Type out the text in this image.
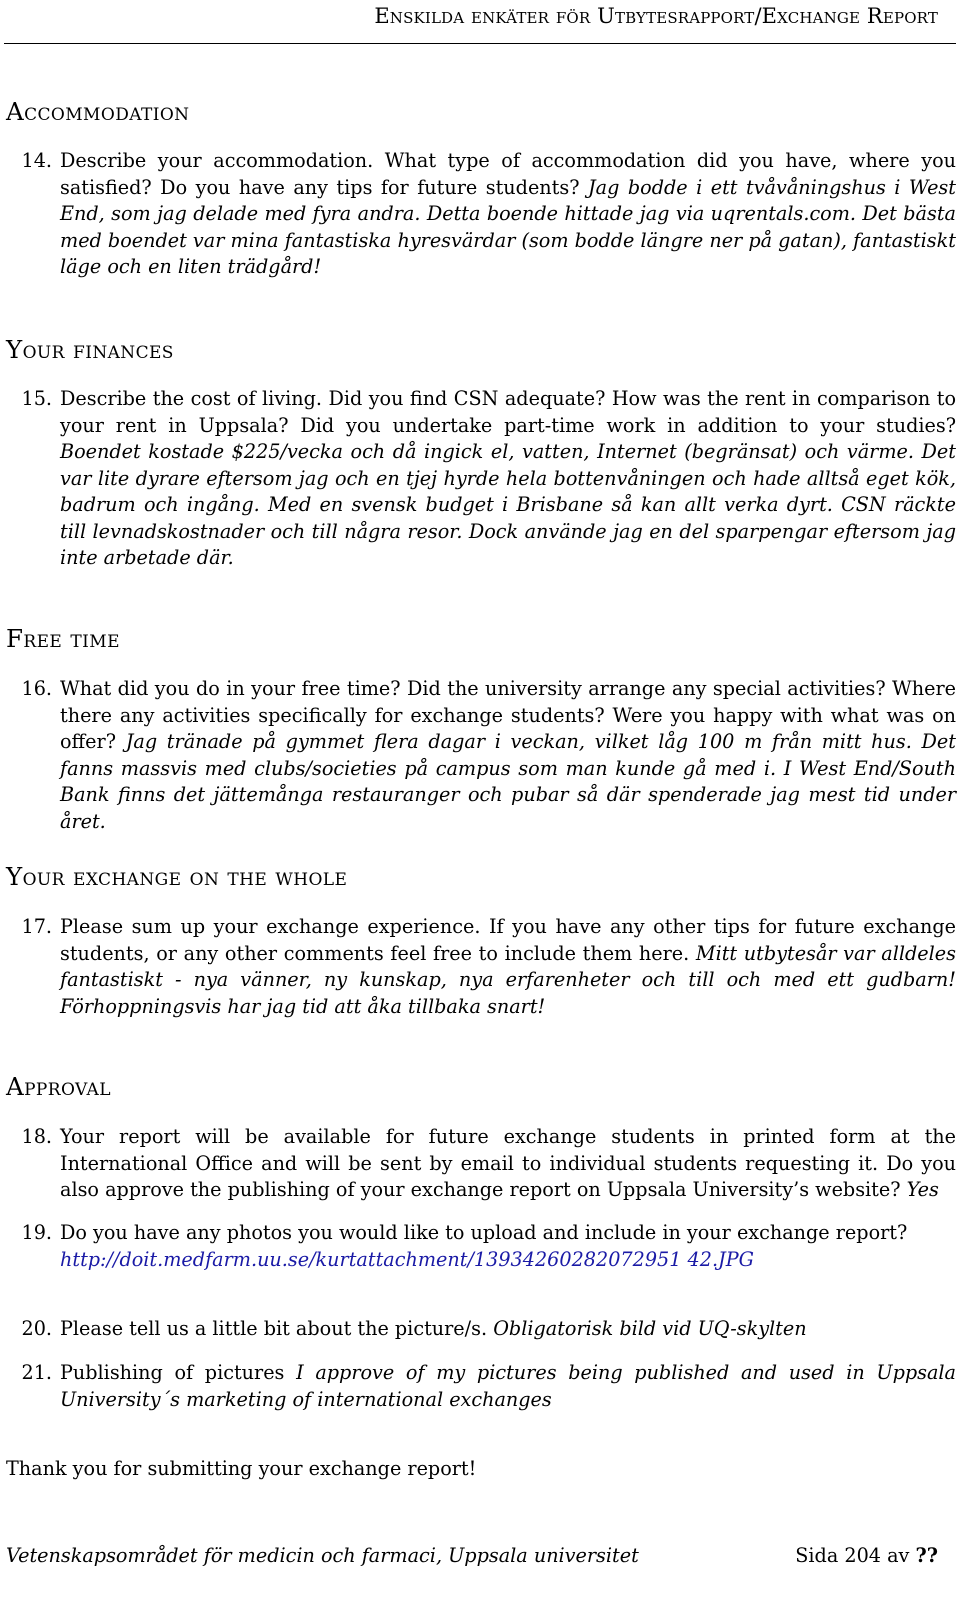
Enskilda enkäter för Utbytesrapport/Exchange Report
Accommodation
14. Describe your accommodation. What type of accommodation did you have, where you satisfied? Do you have any tips for future students? Jag bodde i ett tvåvåningshus i West End, som jag delade med fyra andra. Detta boende hittade jag via uqrentals.com. Det bästa med boendet var mina fantastiska hyresvärdar (som bodde längre ner på gatan), fantastiskt läge och en liten trädgård!
Your finances
15. Describe the cost of living. Did you find CSN adequate? How was the rent in comparison to your rent in Uppsala? Did you undertake part-time work in addition to your studies? Boendet kostade $225/vecka och då ingick el, vatten, Internet (begränsat) och värme. Det var lite dyrare eftersom jag och en tjej hyrde hela bottenvåningen och hade alltså eget kök, badrum och ingång. Med en svensk budget i Brisbane så kan allt verka dyrt. CSN räckte till levnadskostnader och till några resor. Dock använde jag en del sparpengar eftersom jag inte arbetade där.
Free time
16. What did you do in your free time? Did the university arrange any special activities? Where there any activities specifically for exchange students? Were you happy with what was on offer? Jag tränade på gymmet flera dagar i veckan, vilket låg 100 m från mitt hus. Det fanns massvis med clubs/societies på campus som man kunde gå med i. I West End/South Bank finns det jättemånga restauranger och pubar så där spenderade jag mest tid under året.
Your exchange on the whole
17. Please sum up your exchange experience. If you have any other tips for future exchange students, or any other comments feel free to include them here. Mitt utbytesår var alldeles fantastiskt - nya vänner, ny kunskap, nya erfarenheter och till och med ett gudbarn! Förhoppningsvis har jag tid att åka tillbaka snart!
Approval
18. Your report will be available for future exchange students in printed form at the International Office and will be sent by email to individual students requesting it. Do you also approve the publishing of your exchange report on Uppsala University’s website? Yes
19. Do you have any photos you would like to upload and include in your exchange report?
http://doit.medfarm.uu.se/kurtattachment/13934260282072951 42.JPG
20. Please tell us a little bit about the picture/s. Obligatorisk bild vid UQ-skylten
21. Publishing of pictures I approve of my pictures being published and used in Uppsala University´s marketing of international exchanges
Thank you for submitting your exchange report!
Vetenskapsområdet för medicin och farmaci, Uppsala universitet	Sida 204 av ??
